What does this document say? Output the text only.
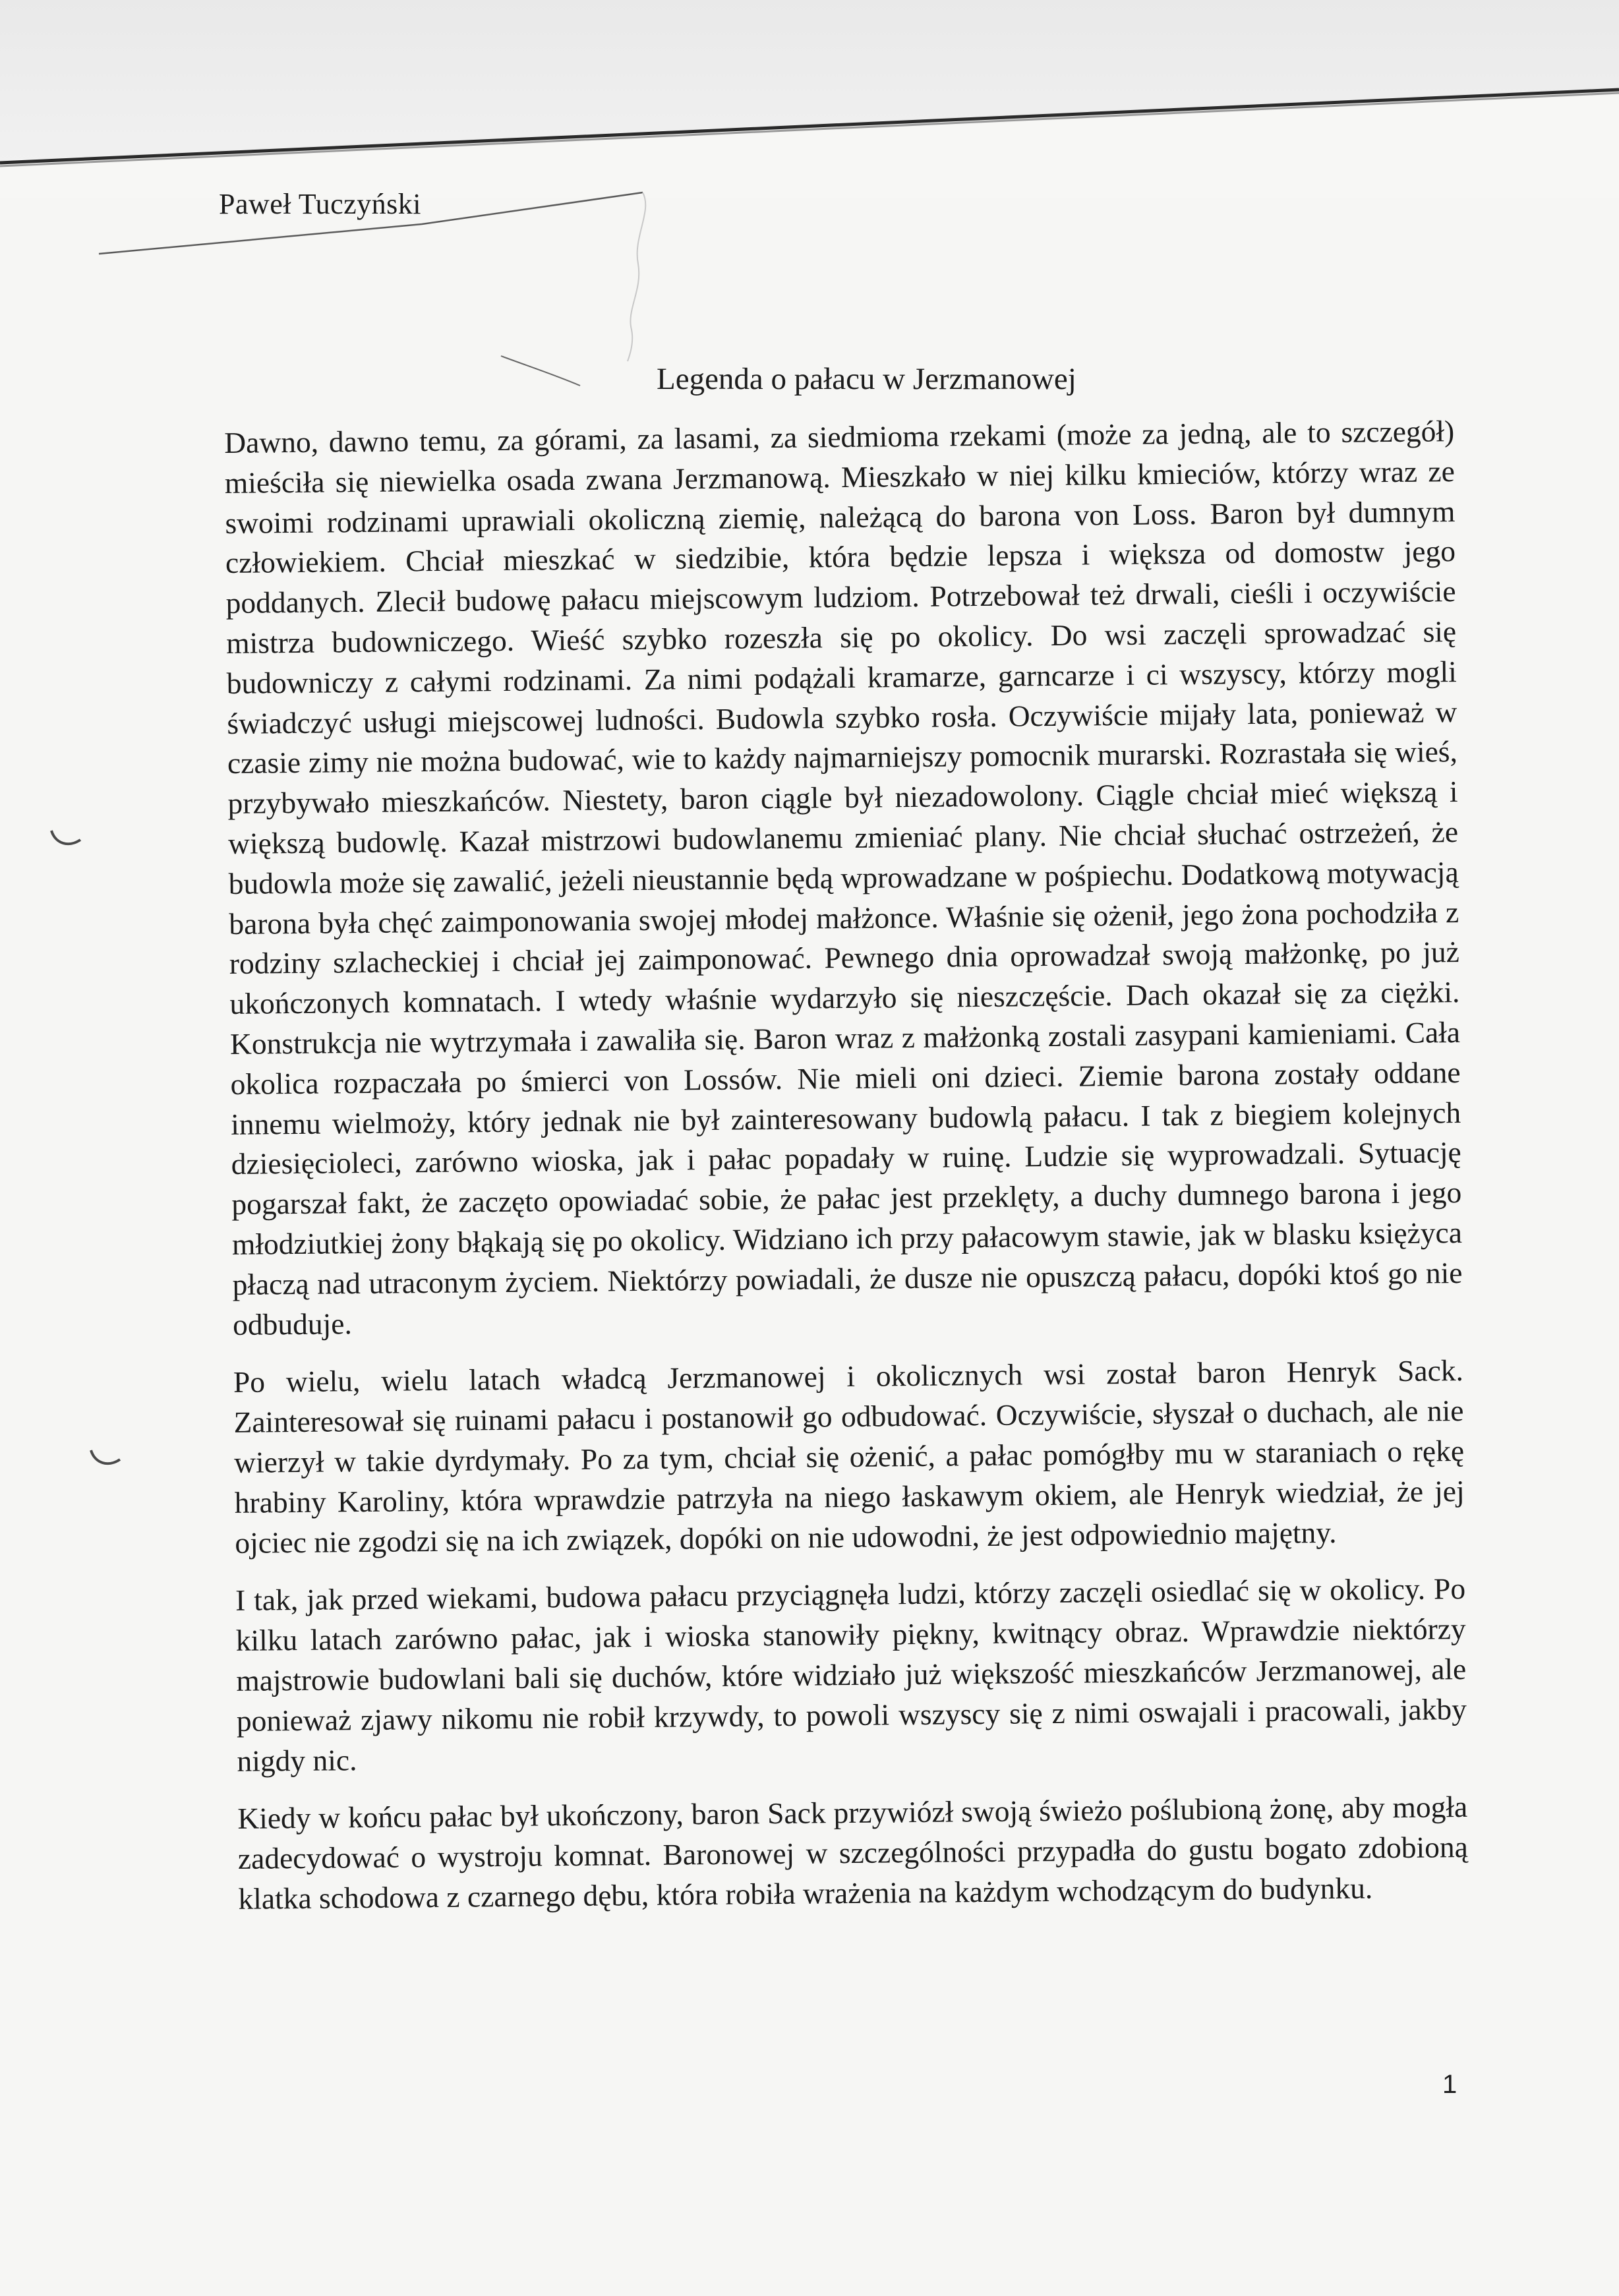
Paweł Tuczyński
Legenda o pałacu w Jerzmanowej

Dawno, dawno temu, za górami, za lasami, za siedmioma rzekami (może za jedną, ale to szczegół) mieściła się niewielka osada zwana Jerzmanową. Mieszkało w niej kilku kmieciów, którzy wraz ze swoimi rodzinami uprawiali okoliczną ziemię, należącą do barona von Loss. Baron był dumnym człowiekiem. Chciał mieszkać w siedzibie, która będzie lepsza i większa od domostw jego poddanych. Zlecił budowę pałacu miejscowym ludziom. Potrzebował też drwali, cieśli i oczywiście mistrza budowniczego. Wieść szybko rozeszła się po okolicy. Do wsi zaczęli sprowadzać się budowniczy z całymi rodzinami. Za nimi podążali kramarze, garncarze i ci wszyscy, którzy mogli świadczyć usługi miejscowej ludności. Budowla szybko rosła. Oczywiście mijały lata, ponieważ w czasie zimy nie można budować, wie to każdy najmarniejszy pomocnik murarski. Rozrastała się wieś, przybywało mieszkańców. Niestety, baron ciągle był niezadowolony. Ciągle chciał mieć większą i większą budowlę. Kazał mistrzowi budowlanemu zmieniać plany. Nie chciał słuchać ostrzeżeń, że budowla może się zawalić, jeżeli nieustannie będą wprowadzane w pośpiechu. Dodatkową motywacją barona była chęć zaimponowania swojej młodej małżonce. Właśnie się ożenił, jego żona pochodziła z rodziny szlacheckiej i chciał jej zaimponować. Pewnego dnia oprowadzał swoją małżonkę, po już ukończonych komnatach. I wtedy właśnie wydarzyło się nieszczęście. Dach okazał się za ciężki. Konstrukcja nie wytrzymała i zawaliła się. Baron wraz z małżonką zostali zasypani kamieniami. Cała okolica rozpaczała po śmierci von Lossów. Nie mieli oni dzieci. Ziemie barona zostały oddane innemu wielmoży, który jednak nie był zainteresowany budowlą pałacu. I tak z biegiem kolejnych dziesięcioleci, zarówno wioska, jak i pałac popadały w ruinę. Ludzie się wyprowadzali. Sytuację pogarszał fakt, że zaczęto opowiadać sobie, że pałac jest przeklęty, a duchy dumnego barona i jego młodziutkiej żony błąkają się po okolicy. Widziano ich przy pałacowym stawie, jak w blasku księżyca płaczą nad utraconym życiem. Niektórzy powiadali, że dusze nie opuszczą pałacu, dopóki ktoś go nie odbuduje.

Po wielu, wielu latach władcą Jerzmanowej i okolicznych wsi został baron Henryk Sack. Zainteresował się ruinami pałacu i postanowił go odbudować. Oczywiście, słyszał o duchach, ale nie wierzył w takie dyrdymały. Po za tym, chciał się ożenić, a pałac pomógłby mu w staraniach o rękę hrabiny Karoliny, która wprawdzie patrzyła na niego łaskawym okiem, ale Henryk wiedział, że jej ojciec nie zgodzi się na ich związek, dopóki on nie udowodni, że jest odpowiednio majętny.

I tak, jak przed wiekami, budowa pałacu przyciągnęła ludzi, którzy zaczęli osiedlać się w okolicy. Po kilku latach zarówno pałac, jak i wioska stanowiły piękny, kwitnący obraz. Wprawdzie niektórzy majstrowie budowlani bali się duchów, które widziało już większość mieszkańców Jerzmanowej, ale ponieważ zjawy nikomu nie robił krzywdy, to powoli wszyscy się z nimi oswajali i pracowali, jakby nigdy nic.

Kiedy w końcu pałac był ukończony, baron Sack przywiózł swoją świeżo poślubioną żonę, aby mogła zadecydować o wystroju komnat. Baronowej w szczególności przypadła do gustu bogato zdobioną klatka schodowa z czarnego dębu, która robiła wrażenia na każdym wchodzącym do budynku.

1
